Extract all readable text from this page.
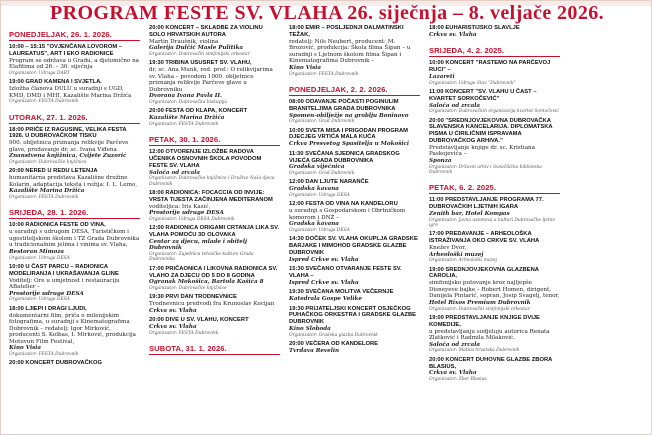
PROGRAM FESTE SV. VLAHA 26. siječnja – 8. veljače 2026.
PONEDJELJAK, 26. 1. 2026.
10:00 – 15:15 "OVJENČANA LOVOROM – LAUREATUS", ART I EKO RADIONICE
Program se održava u Gradu, a djelomično na Elafitima od 26. – 30. siječnja
Organizator: Udruga DART
19:00 GRAD KAMENA I SVJETLA.
Izložba članova DULU u suradnji s UGD, KMD, DMD i MHI, Kazalište Marina Držića
Organizator: FESTA Dubrovnik
UTORAK, 27. 1. 2026.
18:00 PRIČE IZ RAGUSINE, VELIKA FESTA 1926. U DUBROVAČKOM TISKU
900. obljetnica priznanja relikvije Parčeve glave, predavanje dr. sc. Ivana Viđena
Znanstvena knjižnica, Cvijete Zuzorić
Organizator: Dubrovačke knjižnice
20:00 NERED U REDU LETENJA
humanitarna predstava Kazališne družine Kolarin, adaptacija teksta i režija: I. L. Lemo,
Kazalište Marina Držića
Organizator: FESTA Dubrovnik
SRIJEDA, 28. 1. 2026.
10:00 RADIONICA FESTE OD VINA,
u suradnji s udrugom DESA, Turističkom i ugostiteljskom školom i TZ Grada Dubrovnika u tradicionalnim jelima i vinima sv. Vlaha,
Restoran Mimoza
Organizator: Udruga DESA
10:00 U ČAST PARCU – RADIONICA MODELIRANJA I UKRAŠAVANJA GLINE
Voditelj: Ore u umjetnost i restauraciju ABatelier –
Prostorije udruge DESA
Organizator: Udruga DESA
18:00 LJIEPI I DRAGI LJUDI,
dokumentarni film, priča o milenijskim fotografima, u suradnji s Kinematografima Dubrovnik – redatelj: Igor Mirković, producenti S. Kolbas, I. Mirković, produkcija Motovun Film Festival,
Kino Visia
Organizator: FESTA Dubrovnik
20:00 KONCERT DUBROVAČKOG
20:00 KONCERT – SKLADBE ZA VIOLINU SOLO HRVATSKIH AUTORA
Martin Draušnik, violina
Galerija Dulčić Masle Pulitika
Organizator: Dubrovački simfonijski orkestar
19:30 TRIBINA USUSRET SV. VLAHU,
dr. sc. Ana Munk, red. prof.: O relikvijarima sv. Vlaha – povodom 1000. obljetnice priznanja relikvije Parčeve glave u Dubrovniku
Dvorana Ivana Pavla II.
Organizator: Dubrovačka biskupija
20:00 FESTA OD KLAPA, KONCERT
Kazalište Marina Držića
Organizator: FESTA Dubrovnik
PETAK, 30. 1. 2026.
12:00 OTVORENJE IZLOŽBE RADOVA UČENIKA OSNOVNIH ŠKOLA POVODOM FESTE SV. VLAHA
Saloča od zrcala
Organizator: Dubrovačke knjižnice i Društvo Naša djeca Dubrovnik
18:00 RADIONICA: FOCACCIA OD INVIJE: VRSTA TIJESTA ZAČINJENA MEDITERANOM
voditeljica: Iris Kasić,
Prostorije udruge DESA
Organizator: Udruga DESA Dubrovnik
12:00 RADIONICA ORIGAMI CRTANJA LIKA SV. VLAHA POMOĆU 3D OLOVAKA
Centar za djecu, mlade i obitelj Dubrovnik
Organizator: Zajednica tehničke kulture Grada Dubrovnika
17:00 PRIČAONICA I LIKOVNA RADIONICA SV. VLAHO ZA DJECU OD 5 DO 8 GODINA
Ogranak Mokošica, Bartola Kašića 8
Organizator: Dubrovačke knjižnice
19:30 PRVI DAN TRODNEVNICE
Trodnevnicu predvodi fra Krunoslav Kocijan
Crkva sv. Vlaha
20:00 DIVE U SV. VLAHU, KONCERT
Crkva sv. Vlaha
Organizator: FESTA Dubrovnik
SUBOTA, 31. 1. 2026.
18:00 EMIR – POSLJEDNJI DALMATINSKI TEŽAK,
redatelj: Nils Neubert, producent: M. Brozović, produkcija: Škola filma Šipan – u suradnji s Ljetnom školom filma Šipan i Kinematografima Dubrovnik –
Kino Visia
Organizator: FESTA Dubrovnik
PONEDJELJAK, 2. 2. 2026.
08:00 ODAVANJE POČASTI POGINULIM BRANITELJIMA GRADA DUBROVNIKA
Spomen-obilježje na groblju Boninovo
Organizator: Grad Dubrovnik
10:00 SVETA MISA I PRIGODAN PROGRAM DJECJEG VRTIĆA MALA KUĆA
Crkva Presvetog Spasitelja u Mokošici
11:30 SVEČANA SJEDNICA GRADSKOG VIJEĆA GRADA DUBROVNIKA
Gradska vijećnica
Organizator: Grad Dubrovnik
12:00 DAN LJUTE NARANČE
Gradska kavana
Organizator: Udruga DESA
12:00 FESTA OD VINA NA KANDELORU
u suradnji s Gospodarskom i Obrtničkom komorom i DNŽ –
Gradska kavana
Organizator: Udruga DESA
14:30 DOČEK SV. VLAHA OKUPLJA GRADSKE BARJAKE I MIMOHOD GRADSKE GLAZBE DUBROVNIK
Ispred Crkve sv. Vlaha
15:30 SVEČANO OTVARANJE FESTE SV. VLAHA –
Ispred Crkve sv. Vlaha
19:30 SVEČANA MOLITVA VEČERNJE
Katedrala Gospe Velike
19:30 PRIJATELJSKI KONCERT OSJEČKOG PUHAČKOG ORKESTRA I GRADSKE GLAZBE DUBROVNIK
Kino Sloboda
Organizator: Gradska glazba Dubrovnik
20:00 VEČERA OD KANDELORE
Tvrđava Revelin
18:00 EUHARISTIJSKO SLAVLJE
Crkva sv. Vlaha
SRIJEDA, 4. 2. 2025.
10:00 KONCERT "RASTEMO NA PARČEVOJ RUCI" –
Lazareti
Organizator: Udruge Stav "Dubrovnik"
11:00 KONCERT "SV. VLAHU U ČAST – KVARTET SORKOČEVIĆ"
Saloča od zrcala
Organizator: Dubrovačkih organizacija kvartet Sorkočević
20:00 "SREDNJOVJEKOVNA DUBROVAČKA SLAVENSKA KANCELARIJA. DIPLOMATSKA PISMA U ĆIRILIČNIM ISPRAVAMA DUBROVAČKOG ARHIVA."
Predstavljanje knjige dr. sc. Kristiana Paskojevića –
Sponza
Organizator: Državni arhiv i Sveučilišna biblioteka Dubrovnik
PETAK, 6. 2. 2025.
11:00 PREDSTAVLJANJE PROGRAMA 77. DUBROVAČKIH LJETNIH IGARA
Zenith bar, Hotel Kompas
Organizator: Javna ustanova u kulturi Dubrovačke ljetne igre
17:00 PREDAVANJE – ARHEOLOŠKA ISTRAŽIVANJA OKO CRKVE SV. VLAHA
Knežev Dvor,
Arheološki muzej
Organizator: Arheološki muzej
19:00 SREDNJOVJEKOVNA GLAZBENA CAROLIA,
simfonijsko putovanje kroz najljepše Disneyeve bajke – Robert Homen, dirigent, Danijela Pintarić, sopran, Josip Svagelj, tenor,
Hotel Rixos Premium Dubrovnik
Organizator: Dubrovački simfonijski orkestar
19:00 PREDSTAVLJANJE KNJIGE DVIJE KOMEDIJE,
u predstavljanju sudjeluju autorica Renata Zlatković i Radmila Milaković.
Saloča od zrcala
Organizator: Matica hrvatska Dubrovnik
20:00 KONCERT DUHOVNE GLAZBE ZBORA BLASIUS,
Crkva sv. Vlaha
Organizator: Zbor Blasius
